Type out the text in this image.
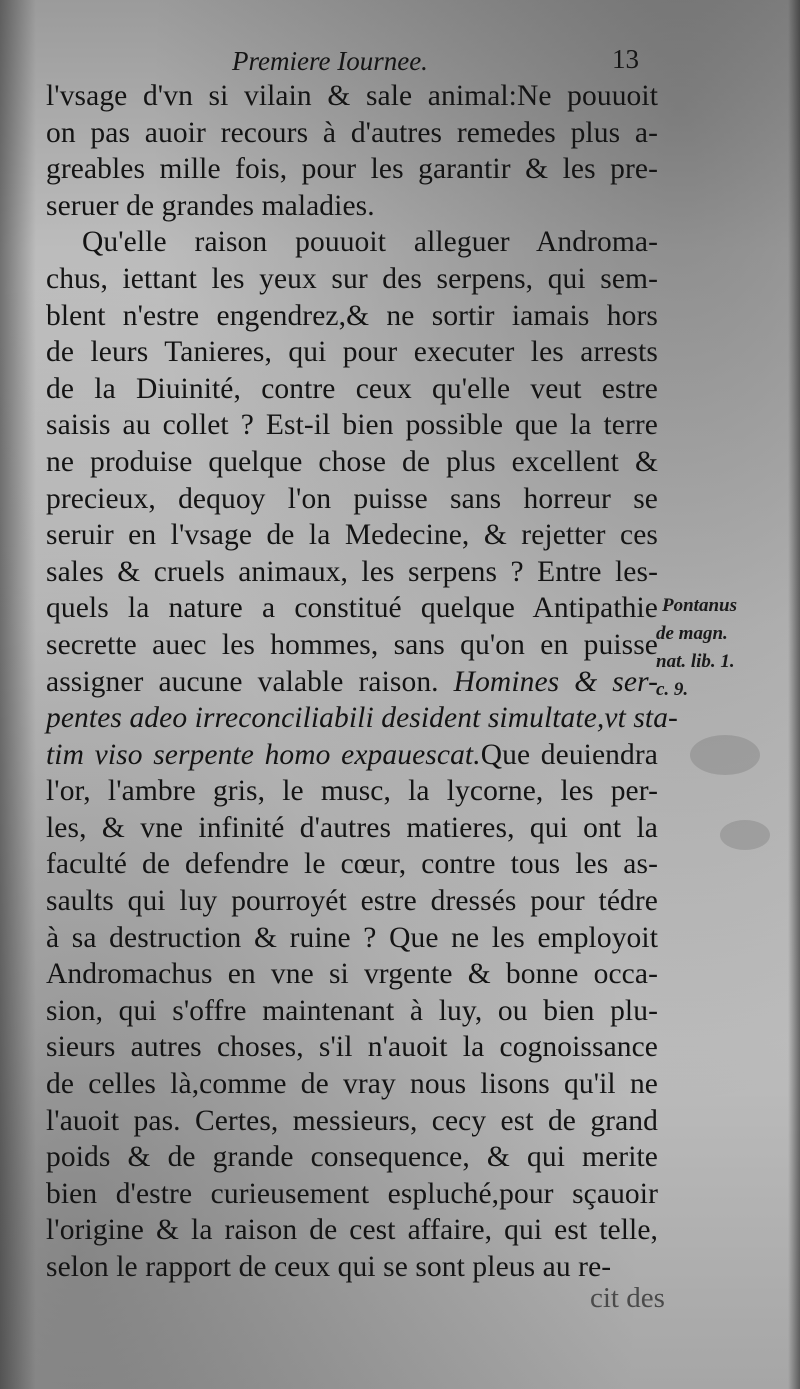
Premiere Iournee.	13
l'vsage d'vn si vilain & sale animal:Ne pouuoit
on pas auoir recours à d'autres remedes plus a-
greables mille fois, pour les garantir & les pre-
seruer de grandes maladies.
Qu'elle raison pouuoit alleguer Androma-
chus, iettant les yeux sur des serpens, qui sem-
blent n'estre engendrez,& ne sortir iamais hors
de leurs Tanieres, qui pour executer les arrests
de la Diuinité, contre ceux qu'elle veut estre
saisis au collet ? Est-il bien possible que la terre
ne produise quelque chose de plus excellent &
precieux, dequoy l'on puisse sans horreur se
seruir en l'vsage de la Medecine, & rejetter ces
sales & cruels animaux, les serpens ? Entre les-
quels la nature a constitué quelque Antipathie
secrette auec les hommes, sans qu'on en puisse
assigner aucune valable raison. Homines & ser-
pentes adeo irreconciliabili desident simultate,vt sta-
tim viso serpente homo expauescat.Que deuiendra
l'or, l'ambre gris, le musc, la lycorne, les per-
les, & vne infinité d'autres matieres, qui ont la
faculté de defendre le cœur, contre tous les as-
saults qui luy pourroyét estre dressés pour tédre
à sa destruction & ruine ? Que ne les employoit
Andromachus en vne si vrgente & bonne occa-
sion, qui s'offre maintenant à luy, ou bien plu-
sieurs autres choses, s'il n'auoit la cognoissance
de celles là,comme de vray nous lisons qu'il ne
l'auoit pas. Certes, messieurs, cecy est de grand
poids & de grande consequence, & qui merite
bien d'estre curieusement espluché,pour sçauoir
l'origine & la raison de cest affaire, qui est telle,
selon le rapport de ceux qui se sont pleus au re-
Pontanus
de magn.
nat. lib. 1.
c. 9.
cit des
